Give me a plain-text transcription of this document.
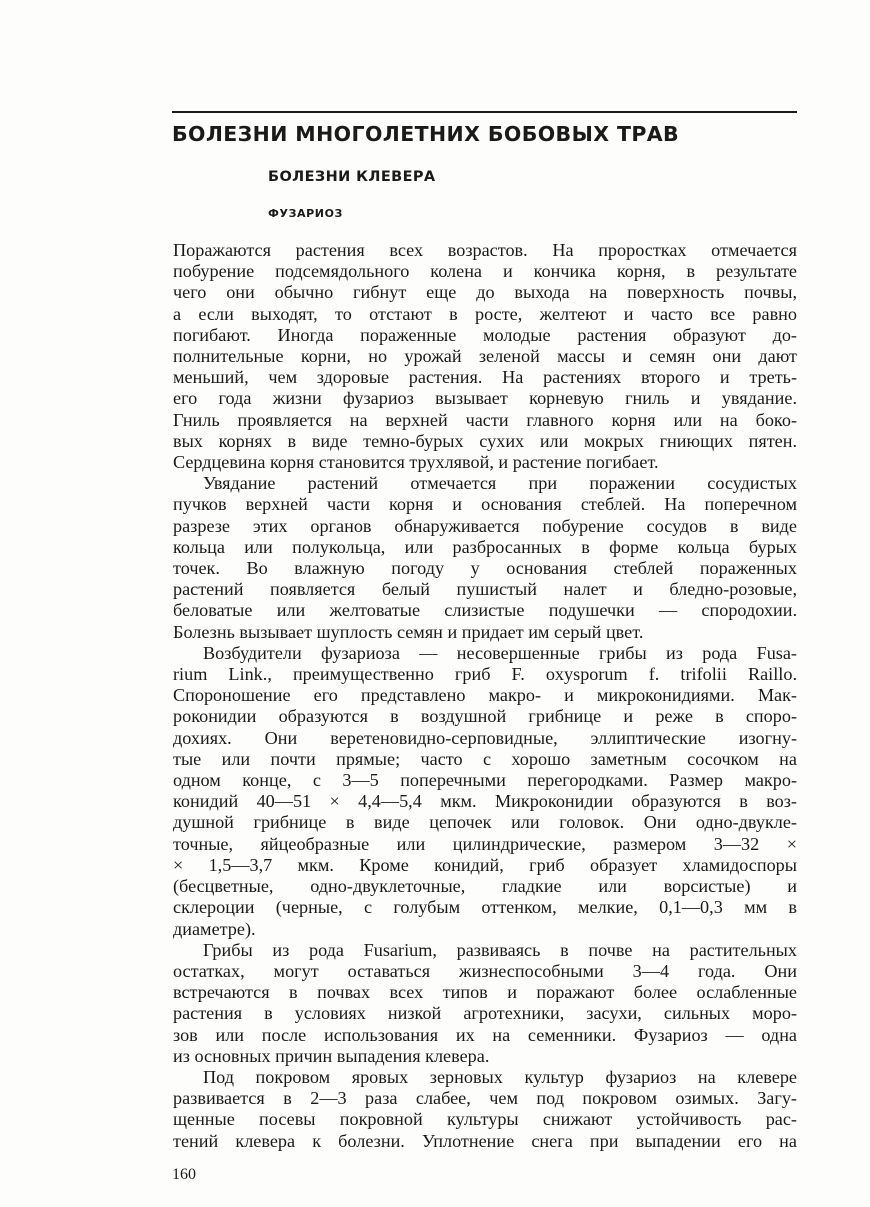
БОЛЕЗНИ МНОГОЛЕТНИХ БОБОВЫХ ТРАВ
БОЛЕЗНИ КЛЕВЕРА
ФУЗАРИОЗ

Поражаются растения всех возрастов. На проростках отмечается
побурение подсемядольного колена и кончика корня, в результате
чего они обычно гибнут еще до выхода на поверхность почвы,
а если выходят, то отстают в росте, желтеют и часто все равно
погибают. Иногда пораженные молодые растения образуют до-
полнительные корни, но урожай зеленой массы и семян они дают
меньший, чем здоровые растения. На растениях второго и треть-
его года жизни фузариоз вызывает корневую гниль и увядание.
Гниль проявляется на верхней части главного корня или на боко-
вых корнях в виде темно-бурых сухих или мокрых гниющих пятен.
Сердцевина корня становится трухлявой, и растение погибает.

Увядание растений отмечается при поражении сосудистых
пучков верхней части корня и основания стеблей. На поперечном
разрезе этих органов обнаруживается побурение сосудов в виде
кольца или полукольца, или разбросанных в форме кольца бурых
точек. Во влажную погоду у основания стеблей пораженных
растений появляется белый пушистый налет и бледно-розовые,
беловатые или желтоватые слизистые подушечки — спородохии.
Болезнь вызывает шуплость семян и придает им серый цвет.

Возбудители фузариоза — несовершенные грибы из рода Fusa-
rium Link., преимущественно гриб F. oxysporum f. trifolii Raillo.
Спороношение его представлено макро- и микроконидиями. Мак-
роконидии образуются в воздушной грибнице и реже в споро-
дохиях. Они веретеновидно-серповидные, эллиптические изогну-
тые или почти прямые; часто с хорошо заметным сосочком на
одном конце, с 3—5 поперечными перегородками. Размер макро-
конидий 40—51 × 4,4—5,4 мкм. Микроконидии образуются в воз-
душной грибнице в виде цепочек или головок. Они одно-двукле-
точные, яйцеобразные или цилиндрические, размером 3—32 ×
× 1,5—3,7 мкм. Кроме конидий, гриб образует хламидоспоры
(бесцветные, одно-двуклеточные, гладкие или ворсистые) и
склероции (черные, с голубым оттенком, мелкие, 0,1—0,3 мм в
диаметре).

Грибы из рода Fusarium, развиваясь в почве на растительных
остатках, могут оставаться жизнеспособными 3—4 года. Они
встречаются в почвах всех типов и поражают более ослабленные
растения в условиях низкой агротехники, засухи, сильных моро-
зов или после использования их на семенники. Фузариоз — одна
из основных причин выпадения клевера.

Под покровом яровых зерновых культур фузариоз на клевере
развивается в 2—3 раза слабее, чем под покровом озимых. Загу-
щенные посевы покровной культуры снижают устойчивость рас-
тений клевера к болезни. Уплотнение снега при выпадении его на

160
